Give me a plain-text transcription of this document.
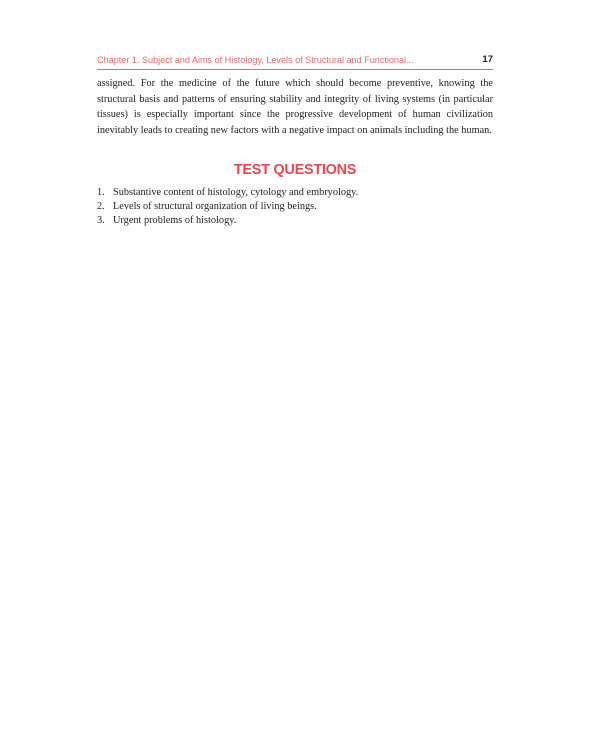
Chapter 1. Subject and Aims of Histology, Levels of Structural and Functional...	17

assigned. For the medicine of the future which should become preventive, knowing the structural basis and patterns of ensuring stability and integrity of living systems (in particular tissues) is especially important since the progressive development of human civilization inevitably leads to creating new factors with a negative impact on animals including the human.

TEST QUESTIONS
1. Substantive content of histology, cytology and embryology.
2. Levels of structural organization of living beings.
3. Urgent problems of histology.
